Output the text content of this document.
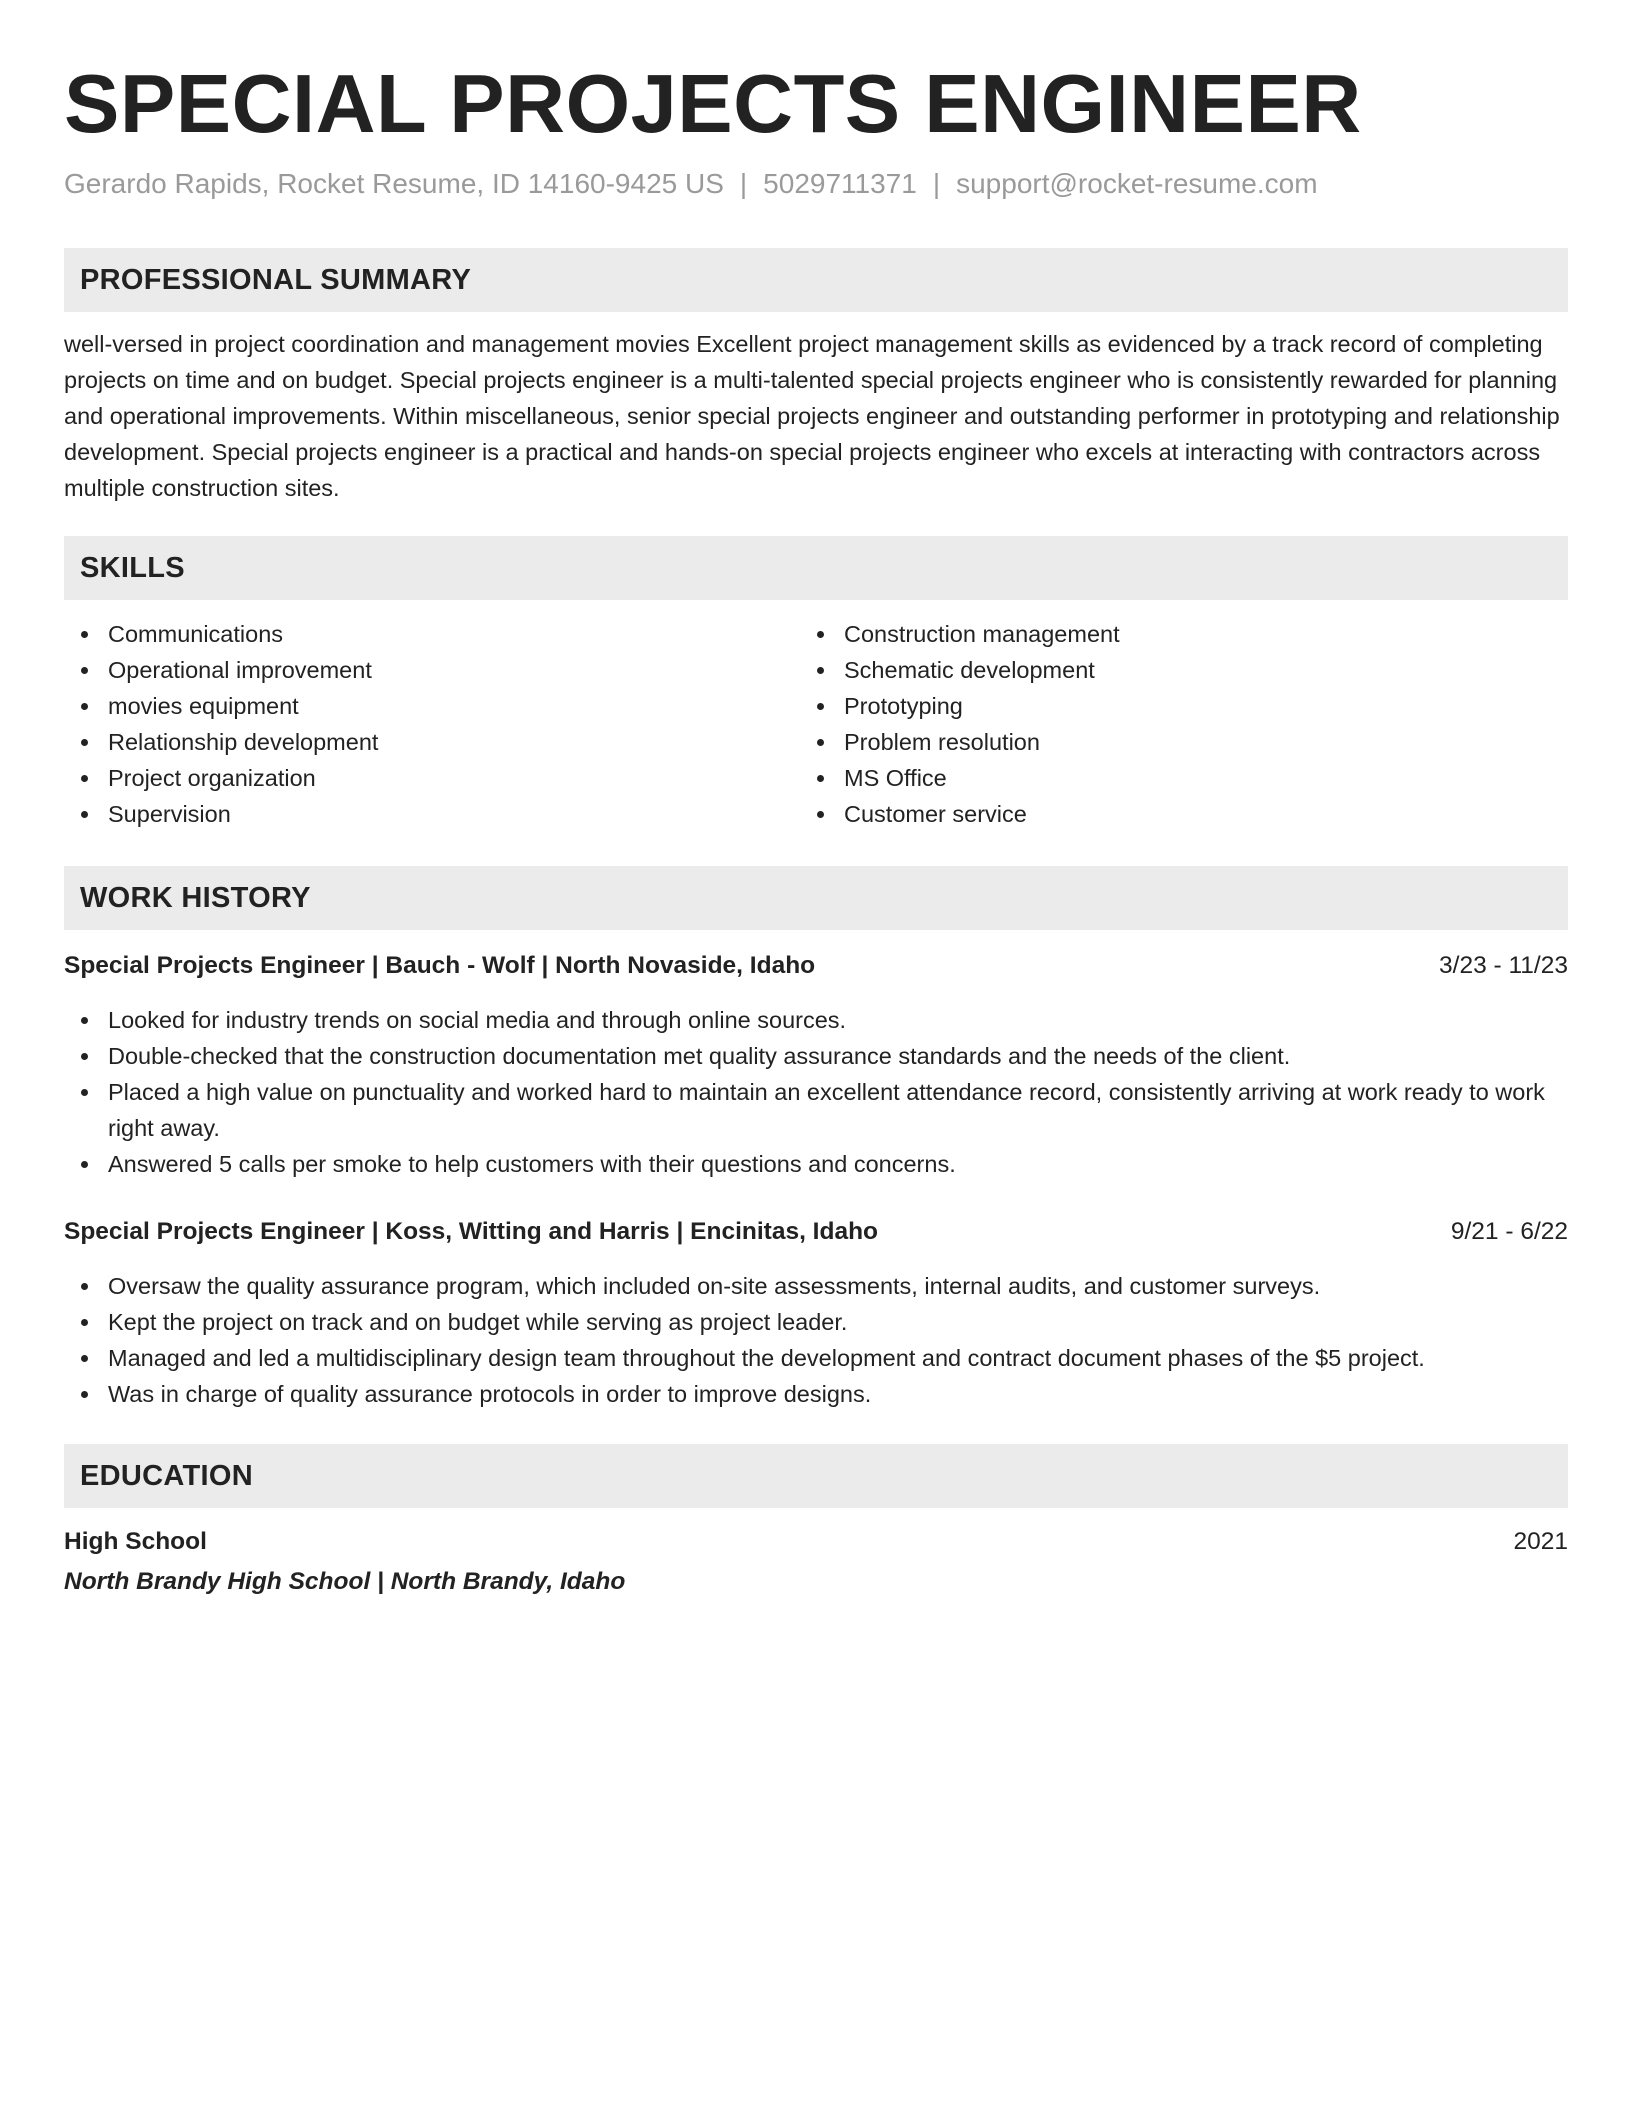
SPECIAL PROJECTS ENGINEER
Gerardo Rapids, Rocket Resume, ID 14160-9425 US | 5029711371 | support@rocket-resume.com
PROFESSIONAL SUMMARY

well-versed in project coordination and management movies Excellent project management skills as evidenced by a track record of completing projects on time and on budget. Special projects engineer is a multi-talented special projects engineer who is consistently rewarded for planning and operational improvements. Within miscellaneous, senior special projects engineer and outstanding performer in prototyping and relationship development. Special projects engineer is a practical and hands-on special projects engineer who excels at interacting with contractors across multiple construction sites.

SKILLS
Communications
Operational improvement
movies equipment
Relationship development
Project organization
Supervision
Construction management
Schematic development
Prototyping
Problem resolution
MS Office
Customer service
WORK HISTORY
Special Projects Engineer | Bauch - Wolf | North Novaside, Idaho	3/23 - 11/23
Looked for industry trends on social media and through online sources.
Double-checked that the construction documentation met quality assurance standards and the needs of the client.
Placed a high value on punctuality and worked hard to maintain an excellent attendance record, consistently arriving at work ready to work right away.
Answered 5 calls per smoke to help customers with their questions and concerns.
Special Projects Engineer | Koss, Witting and Harris | Encinitas, Idaho	9/21 - 6/22
Oversaw the quality assurance program, which included on-site assessments, internal audits, and customer surveys.
Kept the project on track and on budget while serving as project leader.
Managed and led a multidisciplinary design team throughout the development and contract document phases of the $5 project.
Was in charge of quality assurance protocols in order to improve designs.
EDUCATION
High School	2021
North Brandy High School | North Brandy, Idaho
